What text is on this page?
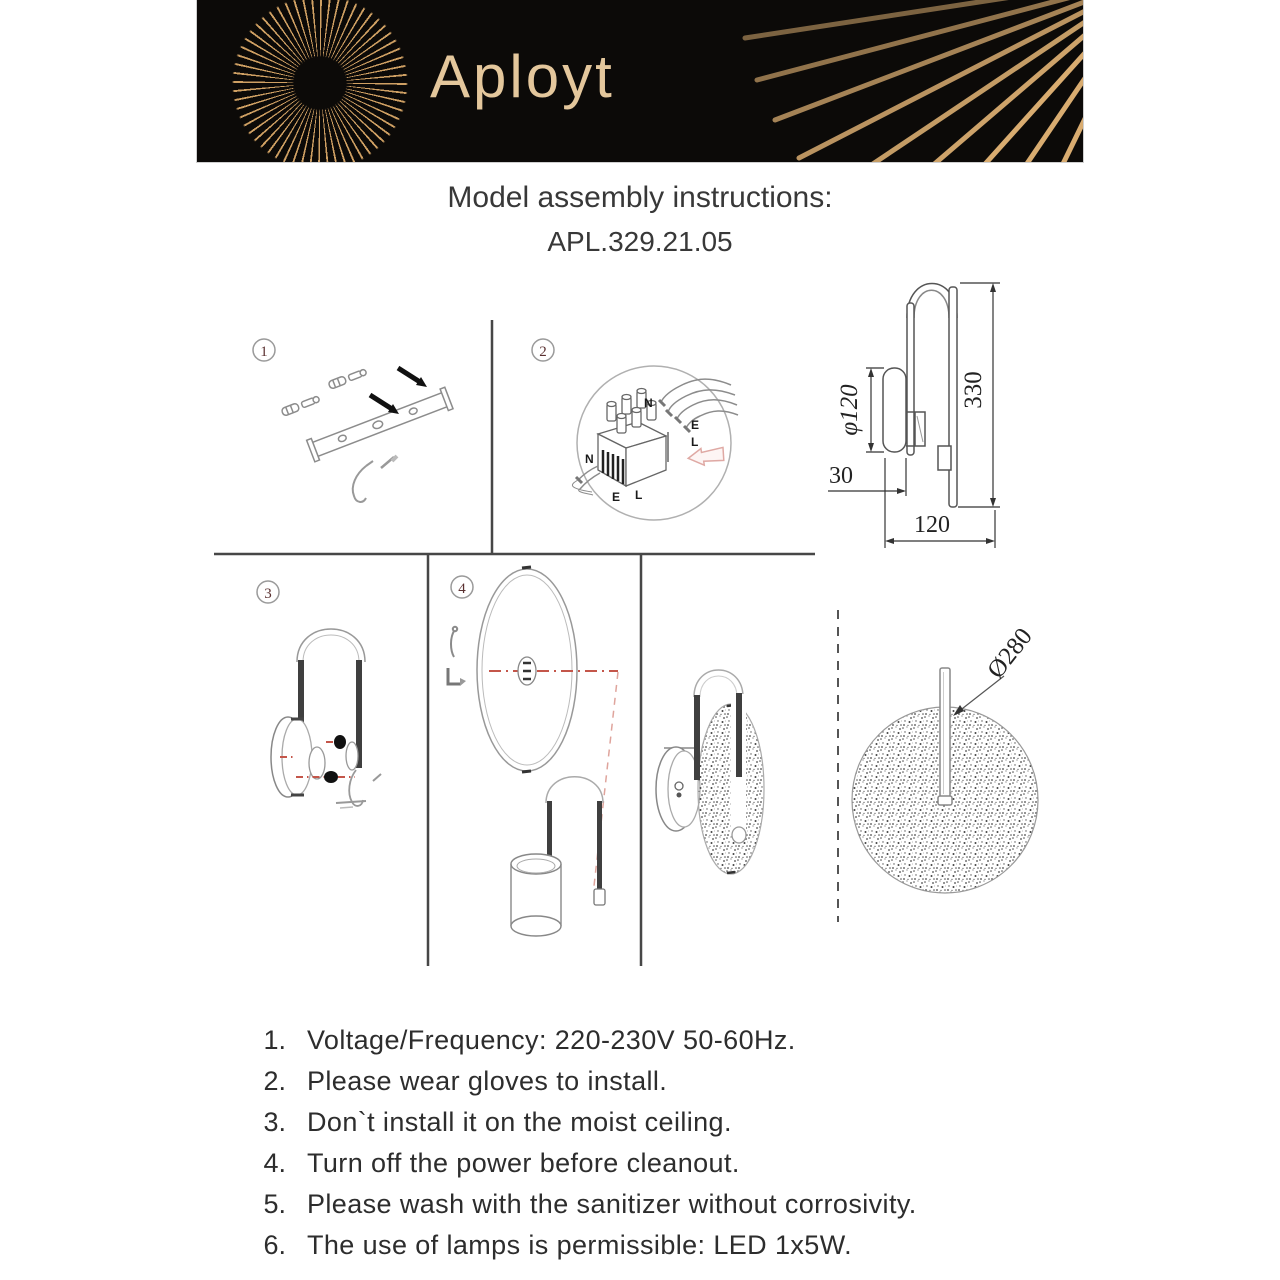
Aployt
Model assembly instructions:
APL.329.21.05
1	2
3	4
N
E
L
N
E L
φ120	330
30
120
Ø280
1. Voltage/Frequency: 220-230V 50-60Hz.
2. Please wear gloves to install.
3. Don`t install it on the moist ceiling.
4. Turn off the power before cleanout.
5. Please wash with the sanitizer without corrosivity.
6. The use of lamps is permissible: LED 1x5W.
